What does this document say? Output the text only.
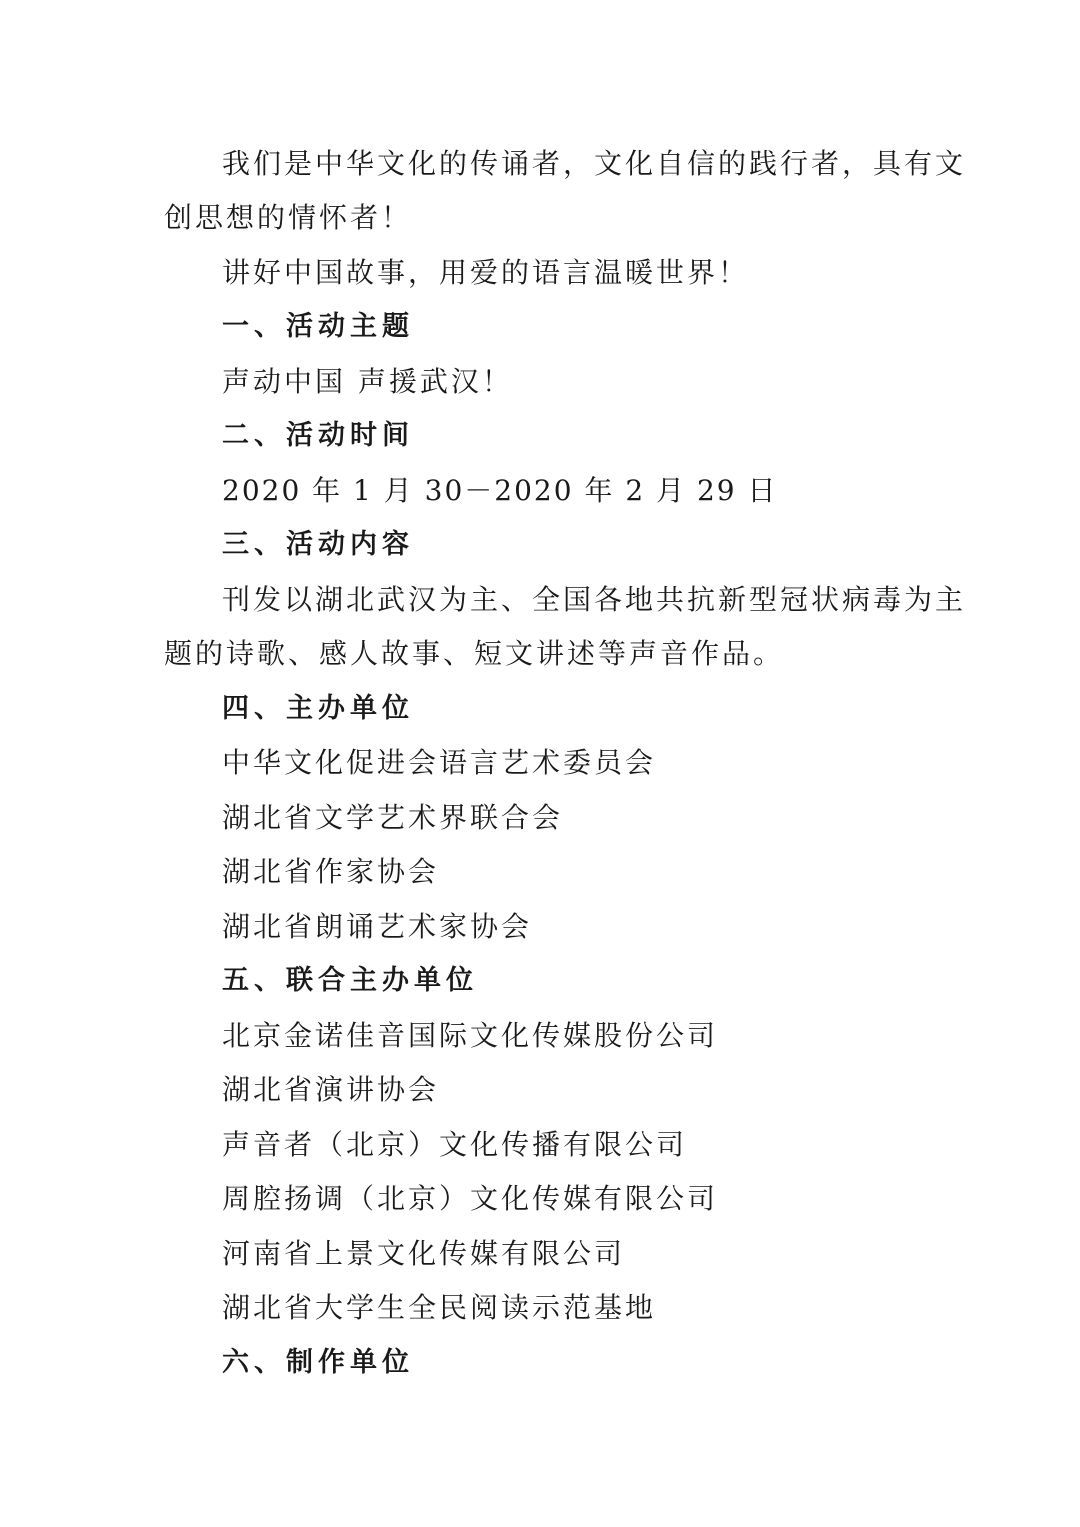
我们是中华文化的传诵者，文化自信的践行者，具有文
创思想的情怀者！
讲好中国故事，用爱的语言温暖世界！
一、活动主题
声动中国 声援武汉！
二、活动时间
2020 年 1 月 30－2020 年 2 月 29 日
三、活动内容
刊发以湖北武汉为主、全国各地共抗新型冠状病毒为主
题的诗歌、感人故事、短文讲述等声音作品。
四、主办单位
中华文化促进会语言艺术委员会
湖北省文学艺术界联合会
湖北省作家协会
湖北省朗诵艺术家协会
五、联合主办单位
北京金诺佳音国际文化传媒股份公司
湖北省演讲协会
声音者（北京）文化传播有限公司
周腔扬调（北京）文化传媒有限公司
河南省上景文化传媒有限公司
湖北省大学生全民阅读示范基地
六、制作单位
